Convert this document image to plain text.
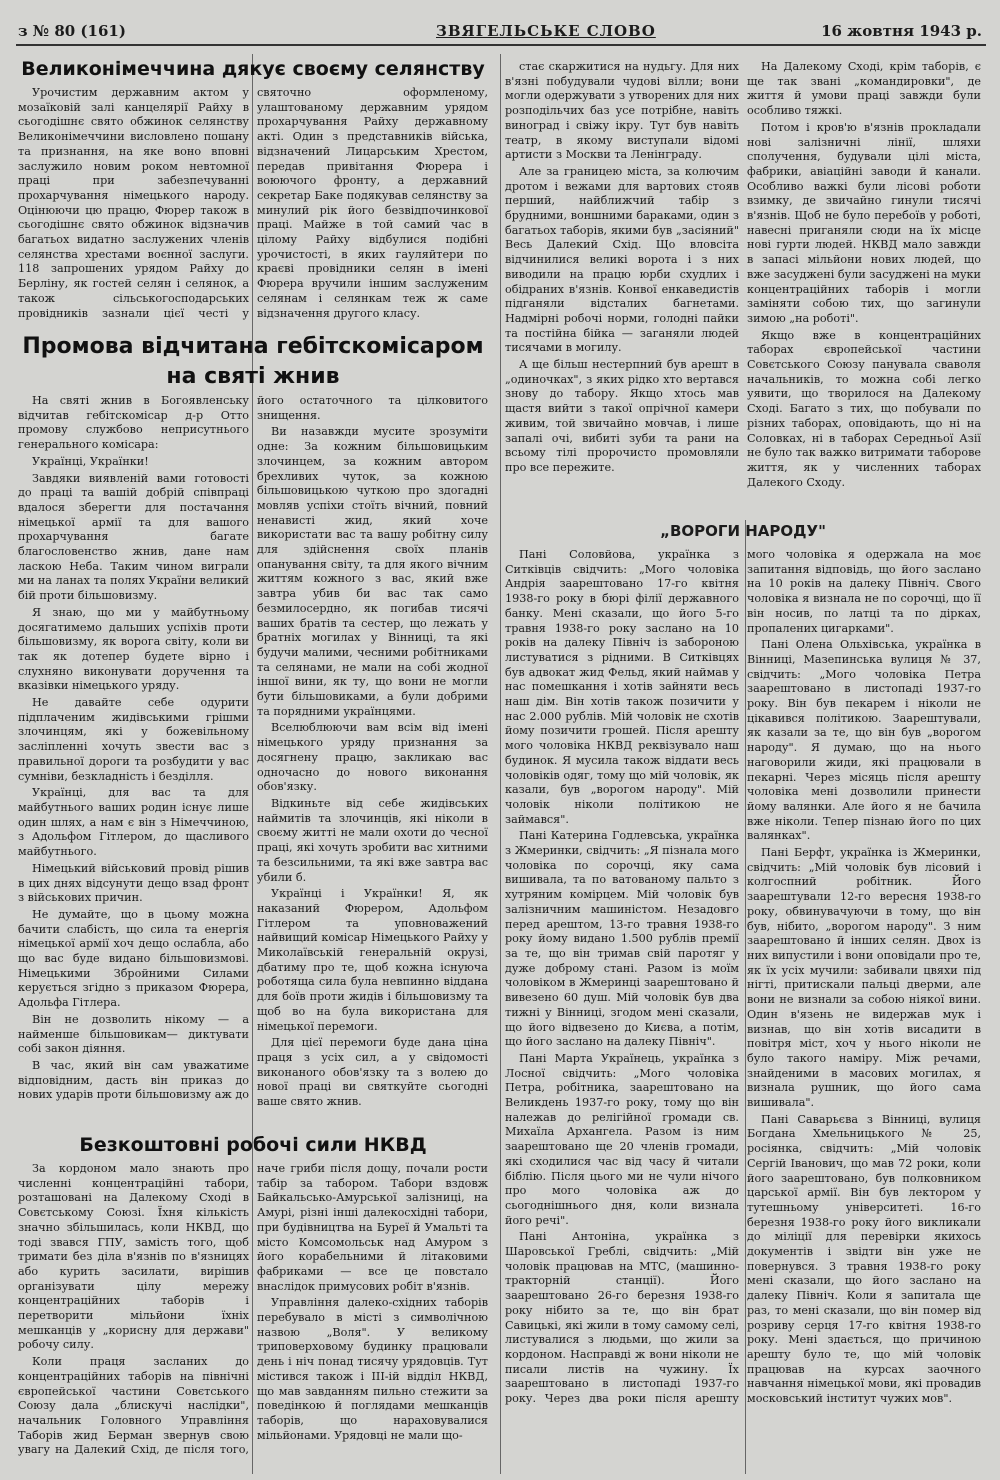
з № 80 (161)	ЗВЯГЕЛЬСЬКЕ СЛОВО	16 жовтня 1943 р.
Великонімеччина дякує своєму селянству

Урочистим державним актом у мозаїковій залі канцелярії Райху в сьогодішнє свято обжинок селянству Великонімеччини висловлено пошану та признання, на яке воно вповні заслужило новим роком невтомної праці при забезпечуванні прохарчування німецького народу. Оцінюючи цю працю, Фюрер також в сьогодішнє свято обжинок відзначив багатьох видатно заслужених членів селянства хрестами воєнної заслуги. 118 запрошених урядом Райху до Берліну, як гостей селян і селянок, а також сільськогосподарських провідників зазнали цієї честі у святочно оформленому, улаштованому державним урядом прохарчування Райху державному акті. Один з представників війська, відзначений Лицарським Хрестом, передав привітання Фюрера і воюючого фронту, а державний секретар Баке подякував селянству за минулий рік його безвідпочинкової праці. Майже в той самий час в цілому Райху відбулися подібні урочистості, в яких гауляйтери по краєві провідники селян в імені Фюрера вручили іншим заслуженим селянам і селянкам теж ж саме відзначення другого класу.

Промова відчитана гебітскомісаром на святі жнив

На святі жнив в Богоявленську відчитав гебітскомісар д-р Отто промову службово неприсутнього генерального комісара:

Українці, Українки!

Завдяки виявленій вами готовості до праці та вашій добрій співпраці вдалося зберегти для постачання німецької армії та для вашого прохарчування багате благословенство жнив, дане нам ласкою Неба. Таким чином виграли ми на ланах та полях України великий бій проти більшовизму.

Я знаю, що ми у майбутньому досягатимемо дальших успіхів проти більшовизму, як ворога світу, коли ви так як дотепер будете вірно і слухняно виконувати доручення та вказівки німецького уряду.

Не давайте себе одурити підплаченим жидівськими грішми злочинцям, які у божевільному засліпленні хочуть звести вас з правильної дороги та розбудити у вас сумніви, безкладність і безділля.

Українці, для вас та для майбутнього ваших родин існує лише один шлях, а нам є він з Німеччиною, з Адольфом Гітлером, до щасливого майбутнього.

Німецький військовий провід рішив в цих днях відсунути дещо взад фронт з військових причин.

Не думайте, що в цьому можна бачити слабість, що сила та енергія німецької армії хоч дещо ослабла, або що вас буде видано більшовизмові. Німецькими Збройними Силами керується згідно з приказом Фюрера, Адольфа Гітлера.

Він не дозволить нікому — а найменше більшовикам— диктувати собі закон діяння.

В час, який він сам уважатиме відповідним, дасть він приказ до нових ударів проти більшовизму аж до його остаточного та цілковитого знищення.

Ви назавжди мусите зрозуміти одне: За кожним більшовицьким злочинцем, за кожним автором брехливих чуток, за кожною більшовицькою чуткою про здогадні мовляв успіхи стоїть вічний, повний ненависті жид, який хоче використати вас та вашу робітну силу для здійснення своїх планів опанування світу, та для якого вічним життям кожного з вас, який вже завтра убив би вас так само безмилосердно, як погибав тисячі ваших братів та сестер, що лежать у братніх могилах у Вінниці, та які будучи малими, чесними робітниками та селянами, не мали на собі жодної іншої вини, як ту, що вони не могли бути більшовиками, а були добрими та порядними українцями.

Вселюблюючи вам всім від імені німецького уряду признання за досягнену працю, закликаю вас одночасно до нового виконання обов'язку.

Відкиньте від себе жидівських наймитів та злочинців, які ніколи в своєму житті не мали охоти до чесної праці, які хочуть зробити вас хитними та безсильними, та які вже завтра вас убили б.

Українці і Українки! Я, як наказаний Фюрером, Адольфом Гітлером та уповноважений найвищий комісар Німецького Райху у Миколаївській генеральній окрузі, дбатиму про те, щоб кожна існуюча роботяща сила була невпинно віддана для боїв проти жидів і більшовизму та щоб во на була використана для німецької перемоги.

Для цієї перемоги буде дана ціна праця з усіх сил, а у свідомості виконаного обов'язку та з волею до нової праці ви святкуйте сьогодні ваше свято жнив.

Безкоштовні робочі сили НКВД

За кордоном мало знають про численні концентраційні табори, розташовані на Далекому Сході в Совєтському Союзі. Їхня кількість значно збільшилась, коли НКВД, що тоді звався ГПУ, замість того, щоб тримати без діла в'язнів по в'язницях або курить засилати, вирішив організувати цілу мережу концентраційних таборів і перетворити мільйони їхніх мешканців у „корисну для держави" робочу силу.

Коли праця засланих до концентраційних таборів на північні європейської частини Совєтського Союзу дала „блискучі наслідки", начальник Головного Управління Таборів жид Берман звернув свою увагу на Далекий Схід, де після того, наче гриби після дощу, почали рости табір за табором. Табори вздовж Байкальсько-Амурської залізниці, на Амурі, різні інші далекосхідні табори, при будівництва на Буреї й Умальті та місто Комсомольськ над Амуром з його корабельними й літаковими фабриками — все це повстало внаслідок примусових робіт в'язнів.

Управління далеко-східних таборів перебувало в місті з символічною назвою „Воля". У великому триповерховому будинку працювали день і ніч понад тисячу урядовців. Тут містився також і III-ій відділ НКВД, що мав завданням пильно стежити за поведінкою й поглядами мешканців таборів, що нараховувалися мільйонами. Урядовці не мали що-

стає скаржитися на нудьгу. Для них в'язні побудували чудові вілли; вони могли одержувати з утворених для них розподільчих баз усе потрібне, навіть виноград і свіжу ікру. Тут був навіть театр, в якому виступали відомі артисти з Москви та Ленінграду.

Але за границею міста, за колючим дротом і вежами для вартових стояв перший, найближчий табір з брудними, воншними бараками, один з багатьох таборів, якими був „засіяний" Весь Далекий Схід. Що вловсіта відчинилися великі ворота і з них виводили на працю юрби схудлих і обідраних в'язнів. Конвої енкаведистів підганяли відсталих багнетами. Надмірні робочі норми, голодні пайки та постійна бійка — заганяли людей тисячами в могилу.

А ще більш нестерпний був арешт в „одиночках", з яких рідко хто вертався знову до табору. Якщо хтось мав щастя вийти з такої опрічної камери живим, той звичайно мовчав, і лише запалі очі, вибиті зуби та рани на всьому тілі пророчисто промовляли про все пережите.

На Далекому Сході, крім таборів, є ще так звані „командировки", де життя й умови праці завжди були особливо тяжкі.

Потом і кров'ю в'язнів прокладали нові залізничні лінії, шляхи сполучення, будували цілі міста, фабрики, авіаційні заводи й канали. Особливо важкі були лісові роботи взимку, де звичайно гинули тисячі в'язнів. Щоб не було перебоїв у роботі, навесні приганяли сюди на їх місце нові гурти людей. НКВД мало завжди в запасі мільйони нових людей, що вже засуджені були засуджені на муки концентраційних таборів і могли заміняти собою тих, що загинули зимою „на роботі".

Якщо вже в концентраційних таборах європейської частини Совєтського Союзу панувала сваволя начальників, то можна собі легко уявити, що творилося на Далекому Сході. Багато з тих, що побували по різних таборах, оповідають, що ні на Соловках, ні в таборах Середньої Азії не було так важко витримати таборове життя, як у численних таборах Далекого Сходу.

„ВОРОГИ НАРОДУ"

Пані Соловйова, українка з Ситківців свідчить: „Мого чоловіка Андрія заарештовано 17-го квітня 1938-го року в бюрі філії державного банку. Мені сказали, що його 5-го травня 1938-го року заслано на 10 років на далеку Північ із забороною листуватися з рідними. В Ситківцях був адвокат жид Фельд, який наймав у нас помешкання і хотів зайняти весь наш дім. Він хотів також позичити у нас 2.000 рублів. Мій чоловік не схотів йому позичити грошей. Після арешту мого чоловіка НКВД реквізувало наш будинок. Я мусила також віддати весь чоловіків одяг, тому що мій чоловік, як казали, був „ворогом народу". Мій чоловік ніколи політикою не займався".

Пані Катерина Годлевська, українка з Жмеринки, свідчить: „Я пізнала мого чоловіка по сорочці, яку сама вишивала, та по ватованому пальто з хутряним комірцем. Мій чоловік був залізничним машиністом. Незадовго перед арештом, 13-го травня 1938-го року йому видано 1.500 рублів премії за те, що він тримав свій паротяг у дуже доброму стані. Разом із моїм чоловіком в Жмеринці заарештовано й вивезено 60 душ. Мій чоловік був два тижні у Вінниці, згодом мені сказали, що його відвезено до Києва, а потім, що його заслано на далеку Північ".

Пані Марта Українець, українка з Лосної свідчить: „Мого чоловіка Петра, робітника, заарештовано на Великдень 1937-го року, тому що він належав до релігійної громади св. Михаїла Архангела. Разом із ним заарештовано ще 20 членів громади, які сходилися час від часу й читали біблію. Після цього ми не чули нічого про мого чоловіка аж до сьогоднішнього дня, коли визнала його речі".

Пані Антоніна, українка з Шаровської Греблі, свідчить: „Мій чоловік працював на МТС, (машинно-тракторній станції). Його заарештовано 26-го березня 1938-го року нібито за те, що він брат Савицькі, які жили в тому самому селі, листувалися з людьми, що жили за кордоном. Насправді ж вони ніколи не писали листів на чужину. Їх заарештовано в листопаді 1937-го року. Через два роки після арешту мого чоловіка я одержала на моє запитання відповідь, що його заслано на 10 років на далеку Північ. Свого чоловіка я визнала не по сорочці, що її він носив, по латці та по дірках, пропалених цигарками".

Пані Олена Ольхівська, українка в Вінниці, Мазепинська вулиця № 37, свідчить: „Мого чоловіка Петра заарештовано в листопаді 1937-го року. Він був пекарем і ніколи не цікавився політикою. Заарештували, як казали за те, що він був „ворогом народу". Я думаю, що на нього наговорили жиди, які працювали в пекарні. Через місяць після арешту чоловіка мені дозволили принести йому валянки. Але його я не бачила вже ніколи. Тепер пізнаю його по цих валянках".

Пані Берфт, українка із Жмеринки, свідчить: „Мій чоловік був лісовий і колгоспний робітник. Його заарештували 12-го вересня 1938-го року, обвинувачуючи в тому, що він був, нібито, „ворогом народу". З ним заарештовано й інших селян. Двох із них випустили і вони оповідали про те, як їх усіх мучили: забивали цвяхи під нігті, притискали пальці дверми, але вони не визнали за собою ніякої вини. Один в'язень не видержав мук і визнав, що він хотів висадити в повітря міст, хоч у нього ніколи не було такого наміру. Між речами, знайденими в масових могилах, я визнала рушник, що його сама вишивала".

Пані Саварьєва з Вінниці, вулиця Богдана Хмельницького № 25, росіянка, свідчить: „Мій чоловік Сергій Іванович, що мав 72 роки, коли його заарештовано, був полковником царської армії. Він був лектором у тутешньому університеті. 16-го березня 1938-го року його викликали до міліції для перевірки якихось документів і звідти він уже не повернувся. 3 травня 1938-го року мені сказали, що його заслано на далеку Північ. Коли я запитала ще раз, то мені сказали, що він помер від розриву серця 17-го квітня 1938-го року. Мені здається, що причиною арешту було те, що мій чоловік працював на курсах заочного навчання німецької мови, які провадив московський інститут чужих мов".
